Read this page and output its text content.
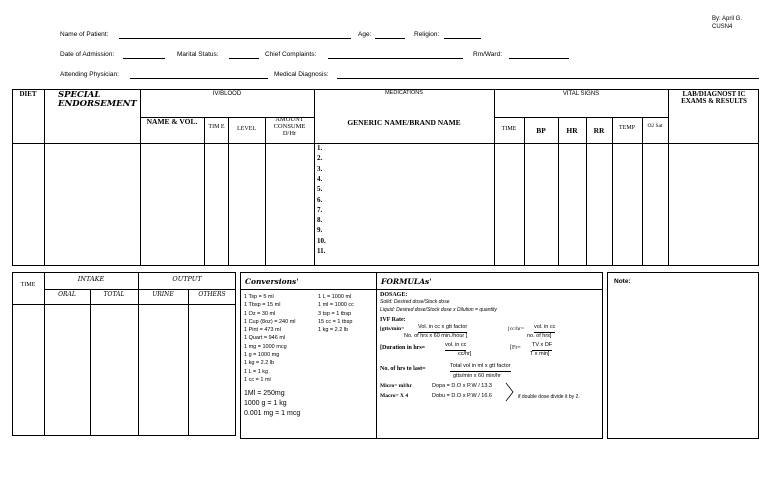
By: April G.
CUSN4
Name of Patient:	Age:	Religion:
Date of Admission:	Marital Status:	Chief Complaints:	Rm/Ward:
Attending Physician:	Medical Diagnosis:
DIET	SPECIAL ENDORSEMENT
IV/BLOOD
NAME & VOL.
TIM E	LEVEL
AMOUNT CONSUME D/Hr
MEDICATIONS
GENERIC NAME/BRAND NAME
VITAL SIGNS
TIME	BP	HR	RR	TEMP	O2 Sat
LAB/DIAGNOST IC EXAMS & RESULTS
1.
2.
3.
4.
5.
6.
7.
8.
9.
10.
11.
TIME
INTAKE	OUTPUT
ORAL	TOTAL	URINE	OTHERS
Conversions'	FORMULAs'
1 Tsp = 5 ml
1 Tbsp = 15 ml
1 Oz = 30 ml
1 Cup (8oz) = 240 ml
1 Pint = 473 ml
1 Quart = 946 ml
1 mg = 1000 mcg
1 g = 1000 mg
1 kg = 2.2 lb
1 L = 1 kg
1 cc = 1 ml
1 L = 1000 ml
1 ml = 1000 cc
3 tsp = 1 tbsp
15 cc = 1 tbsp
1 kg = 2.2 lb
1Ml = 250mg
1000 g = 1 kg
0.001 mg = 1 mcg
DOSAGE:
Solid: Desired dose/Stock dose
Liquid: Desired dose/Stock dose x Dilution = quantity
IVF Rate:
[gtts/min=	Vol. in cc x gtt factor
No. of hrs x 60 min./hour ]
[cc/hr= vol. in cc
no. of hrs]
[Duration in hrs=	vol. in cc
cc/hr]
[Fr= TV x DF
T x min]
No. of hrs to last=	Total vol in ml x gtt factor
gtts/min x 60 min/hr
Micro= ml/hr
Macro= X 4
Dopa = D.O x P.W / 13.3
Dobu = D.O x P.W / 16.6	if double dose divide it by 2.
Note:
